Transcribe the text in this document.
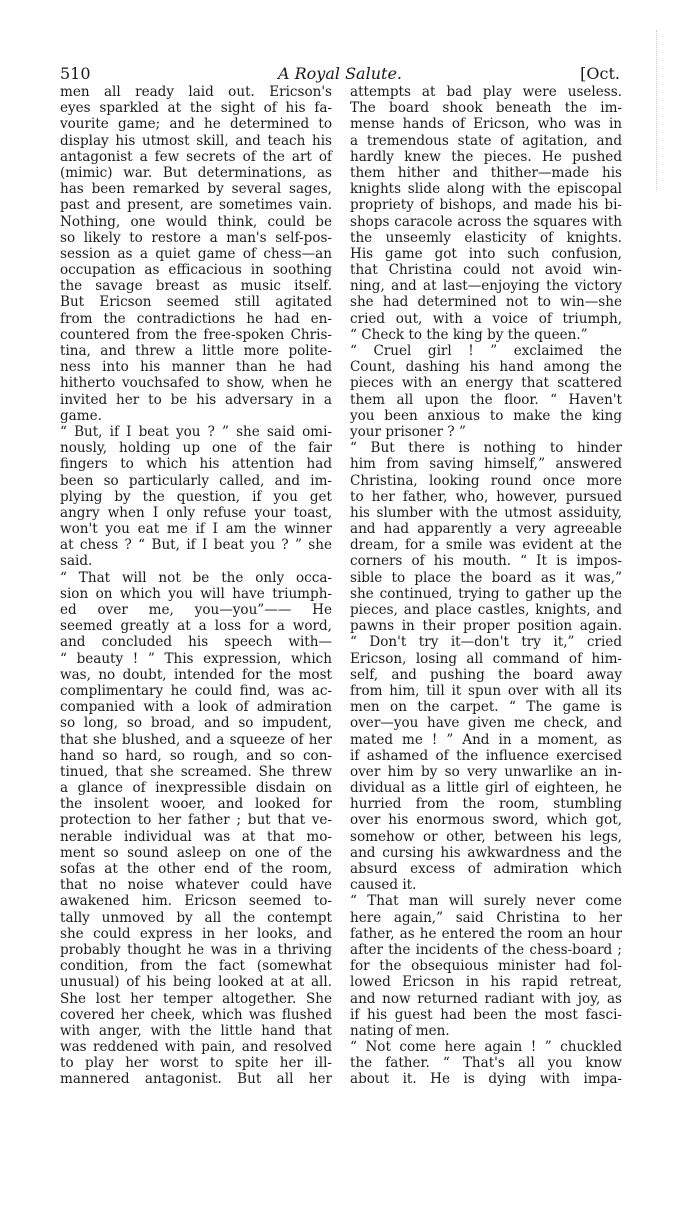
510	A Royal Salute.	[Oct.
men all ready laid out. Ericson's
eyes sparkled at the sight of his fa-
vourite game; and he determined to
display his utmost skill, and teach his
antagonist a few secrets of the art of
(mimic) war. But determinations, as
has been remarked by several sages,
past and present, are sometimes vain.
Nothing, one would think, could be
so likely to restore a man's self-pos-
session as a quiet game of chess—an
occupation as efficacious in soothing
the savage breast as music itself.
But Ericson seemed still agitated
from the contradictions he had en-
countered from the free-spoken Chris-
tina, and threw a little more polite-
ness into his manner than he had
hitherto vouchsafed to show, when he
invited her to be his adversary in a
game.
“ But, if I beat you ? ” she said omi-
nously, holding up one of the fair
fingers to which his attention had
been so particularly called, and im-
plying by the question, if you get
angry when I only refuse your toast,
won't you eat me if I am the winner
at chess ? “ But, if I beat you ? ” she
said.
“ That will not be the only occa-
sion on which you will have triumph-
ed over me, you—you”—— He
seemed greatly at a loss for a word,
and concluded his speech with—
“ beauty ! ” This expression, which
was, no doubt, intended for the most
complimentary he could find, was ac-
companied with a look of admiration
so long, so broad, and so impudent,
that she blushed, and a squeeze of her
hand so hard, so rough, and so con-
tinued, that she screamed. She threw
a glance of inexpressible disdain on
the insolent wooer, and looked for
protection to her father ; but that ve-
nerable individual was at that mo-
ment so sound asleep on one of the
sofas at the other end of the room,
that no noise whatever could have
awakened him. Ericson seemed to-
tally unmoved by all the contempt
she could express in her looks, and
probably thought he was in a thriving
condition, from the fact (somewhat
unusual) of his being looked at at all.
She lost her temper altogether. She
covered her cheek, which was flushed
with anger, with the little hand that
was reddened with pain, and resolved
to play her worst to spite her ill-
mannered antagonist. But all her
attempts at bad play were useless.
The board shook beneath the im-
mense hands of Ericson, who was in
a tremendous state of agitation, and
hardly knew the pieces. He pushed
them hither and thither—made his
knights slide along with the episcopal
propriety of bishops, and made his bi-
shops caracole across the squares with
the unseemly elasticity of knights.
His game got into such confusion,
that Christina could not avoid win-
ning, and at last—enjoying the victory
she had determined not to win—she
cried out, with a voice of triumph,
“ Check to the king by the queen.”
“ Cruel girl ! ” exclaimed the
Count, dashing his hand among the
pieces with an energy that scattered
them all upon the floor. “ Haven't
you been anxious to make the king
your prisoner ? ”
“ But there is nothing to hinder
him from saving himself,” answered
Christina, looking round once more
to her father, who, however, pursued
his slumber with the utmost assiduity,
and had apparently a very agreeable
dream, for a smile was evident at the
corners of his mouth. “ It is impos-
sible to place the board as it was,”
she continued, trying to gather up the
pieces, and place castles, knights, and
pawns in their proper position again.
“ Don't try it—don't try it,” cried
Ericson, losing all command of him-
self, and pushing the board away
from him, till it spun over with all its
men on the carpet. “ The game is
over—you have given me check, and
mated me ! ” And in a moment, as
if ashamed of the influence exercised
over him by so very unwarlike an in-
dividual as a little girl of eighteen, he
hurried from the room, stumbling
over his enormous sword, which got,
somehow or other, between his legs,
and cursing his awkwardness and the
absurd excess of admiration which
caused it.
“ That man will surely never come
here again,” said Christina to her
father, as he entered the room an hour
after the incidents of the chess-board ;
for the obsequious minister had fol-
lowed Ericson in his rapid retreat,
and now returned radiant with joy, as
if his guest had been the most fasci-
nating of men.
“ Not come here again ! ” chuckled
the father. “ That's all you know
about it. He is dying with impa-
